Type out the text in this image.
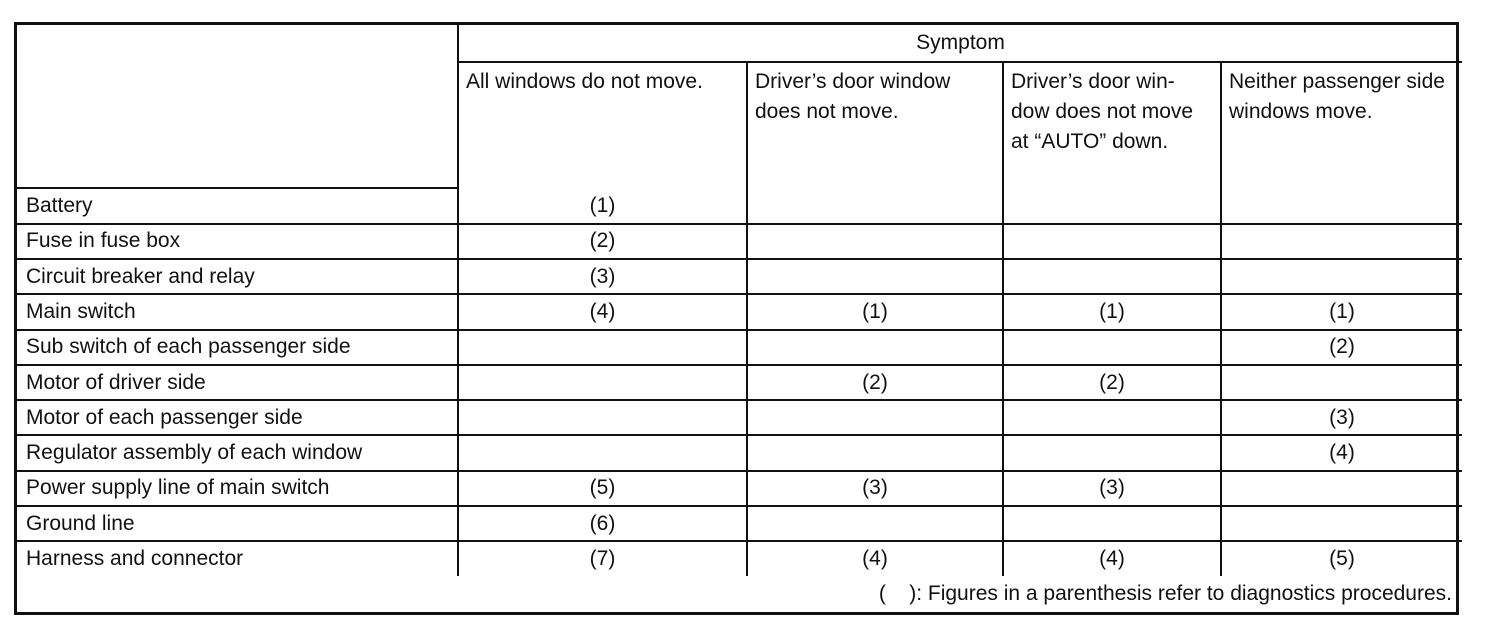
	Symptom			
	All windows do not move.	Driver’s door window does not move.	Driver’s door win-dow does not move at “AUTO” down.	Neither passenger side windows move.
Battery	(1)			
Fuse in fuse box	(2)			
Circuit breaker and relay	(3)			
Main switch	(4)	(1)	(1)	(1)
Sub switch of each passenger side				(2)
Motor of driver side		(2)	(2)	
Motor of each passenger side				(3)
Regulator assembly of each window				(4)
Power supply line of main switch	(5)	(3)	(3)	
Ground line	(6)			
Harness and connector	(7)	(4)	(4)	(5)
(    ): Figures in a parenthesis refer to diagnostics procedures.				
